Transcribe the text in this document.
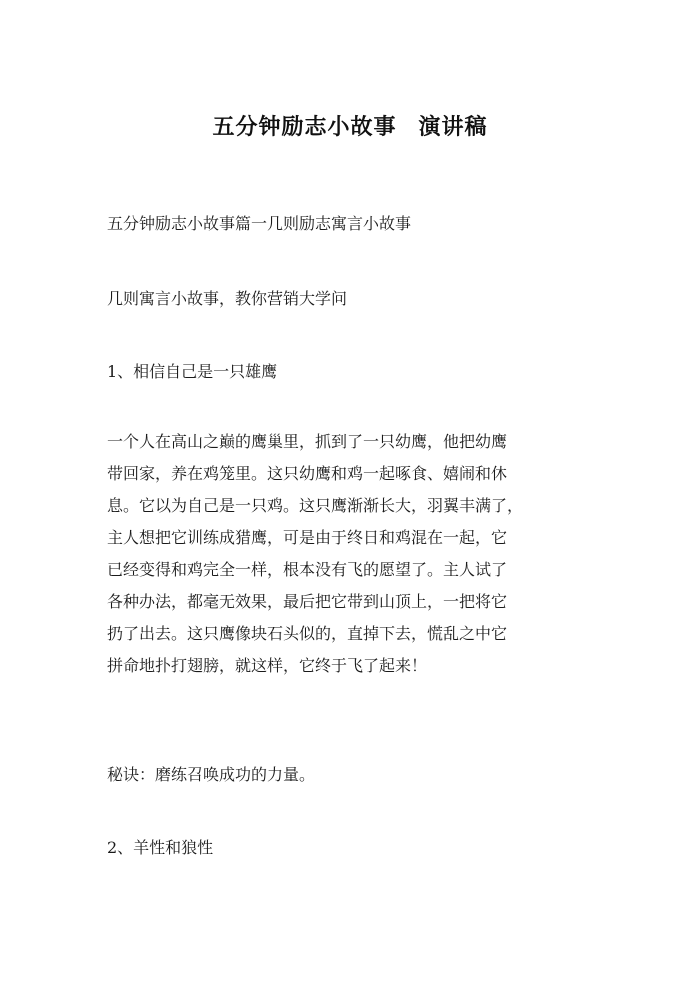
五分钟励志小故事 演讲稿

五分钟励志小故事篇一几则励志寓言小故事

几则寓言小故事，教你营销大学问

1、相信自己是一只雄鹰

一个人在高山之巅的鹰巢里，抓到了一只幼鹰，他把幼鹰
带回家，养在鸡笼里。这只幼鹰和鸡一起啄食、嬉闹和休
息。它以为自己是一只鸡。这只鹰渐渐长大，羽翼丰满了，
主人想把它训练成猎鹰，可是由于终日和鸡混在一起，它
已经变得和鸡完全一样，根本没有飞的愿望了。主人试了
各种办法，都毫无效果，最后把它带到山顶上，一把将它
扔了出去。这只鹰像块石头似的，直掉下去，慌乱之中它
拼命地扑打翅膀，就这样，它终于飞了起来！

秘诀：磨练召唤成功的力量。

2、羊性和狼性
